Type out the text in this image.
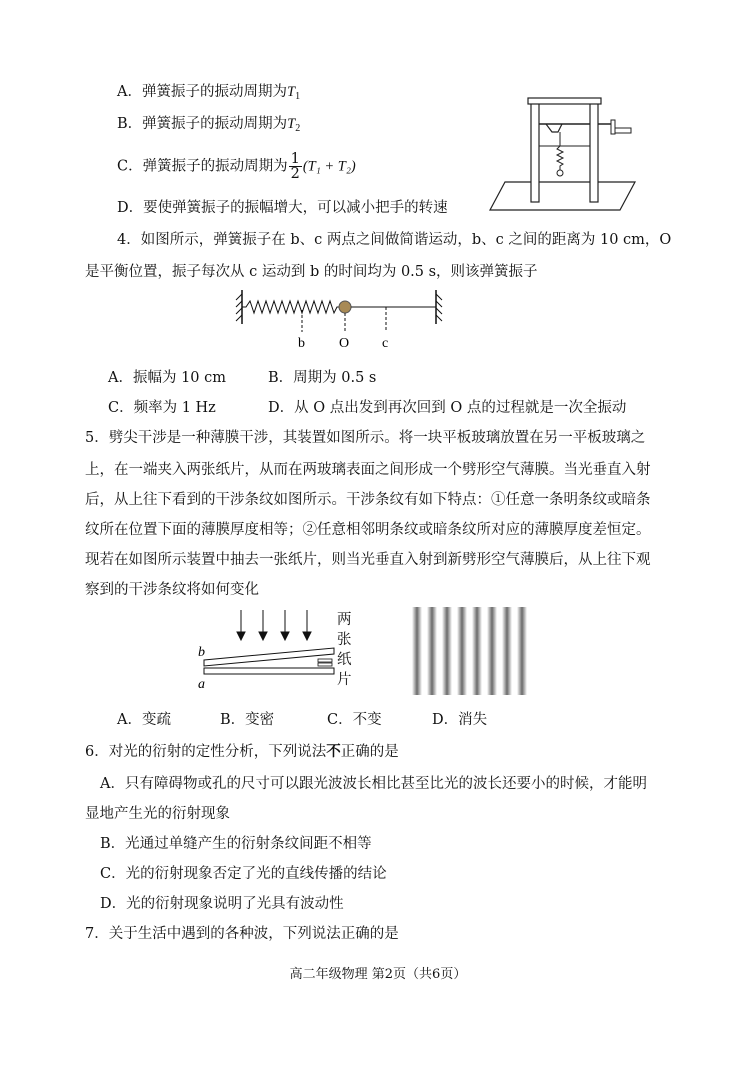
A．弹簧振子的振动周期为$T_1$
B．弹簧振子的振动周期为$T_2$
C．弹簧振子的振动周期为 $\frac{1}{2} (T_1 + T_2)$
D．要使弹簧振子的振幅增大，可以减小把手的转速
4．如图所示，弹簧振子在 b、c 两点之间做简谐运动，b、c 之间的距离为 10 cm，O
是平衡位置，振子每次从 c 运动到 b 的时间均为 0.5 s，则该弹簧振子
b O c
A．振幅为 10 cm	B．周期为 0.5 s
C．频率为 1 Hz	D．从 O 点出发到再次回到 O 点的过程就是一次全振动
5．劈尖干涉是一种薄膜干涉，其装置如图所示。将一块平板玻璃放置在另一平板玻璃之
上，在一端夹入两张纸片，从而在两玻璃表面之间形成一个劈形空气薄膜。当光垂直入射
后，从上往下看到的干涉条纹如图所示。干涉条纹有如下特点：①任意一条明条纹或暗条
纹所在位置下面的薄膜厚度相等；②任意相邻明条纹或暗条纹所对应的薄膜厚度差恒定。
现若在如图所示装置中抽去一张纸片，则当光垂直入射到新劈形空气薄膜后，从上往下观
察到的干涉条纹将如何变化
b
a
两
张
纸
片
A．变疏	B．变密	C．不变	D．消失
6．对光的衍射的定性分析，下列说法不正确的是
A．只有障碍物或孔的尺寸可以跟光波波长相比甚至比光的波长还要小的时候，才能明
显地产生光的衍射现象
B．光通过单缝产生的衍射条纹间距不相等
C．光的衍射现象否定了光的直线传播的结论
D．光的衍射现象说明了光具有波动性
7．关于生活中遇到的各种波，下列说法正确的是
高二年级物理 第2页（共6页）
